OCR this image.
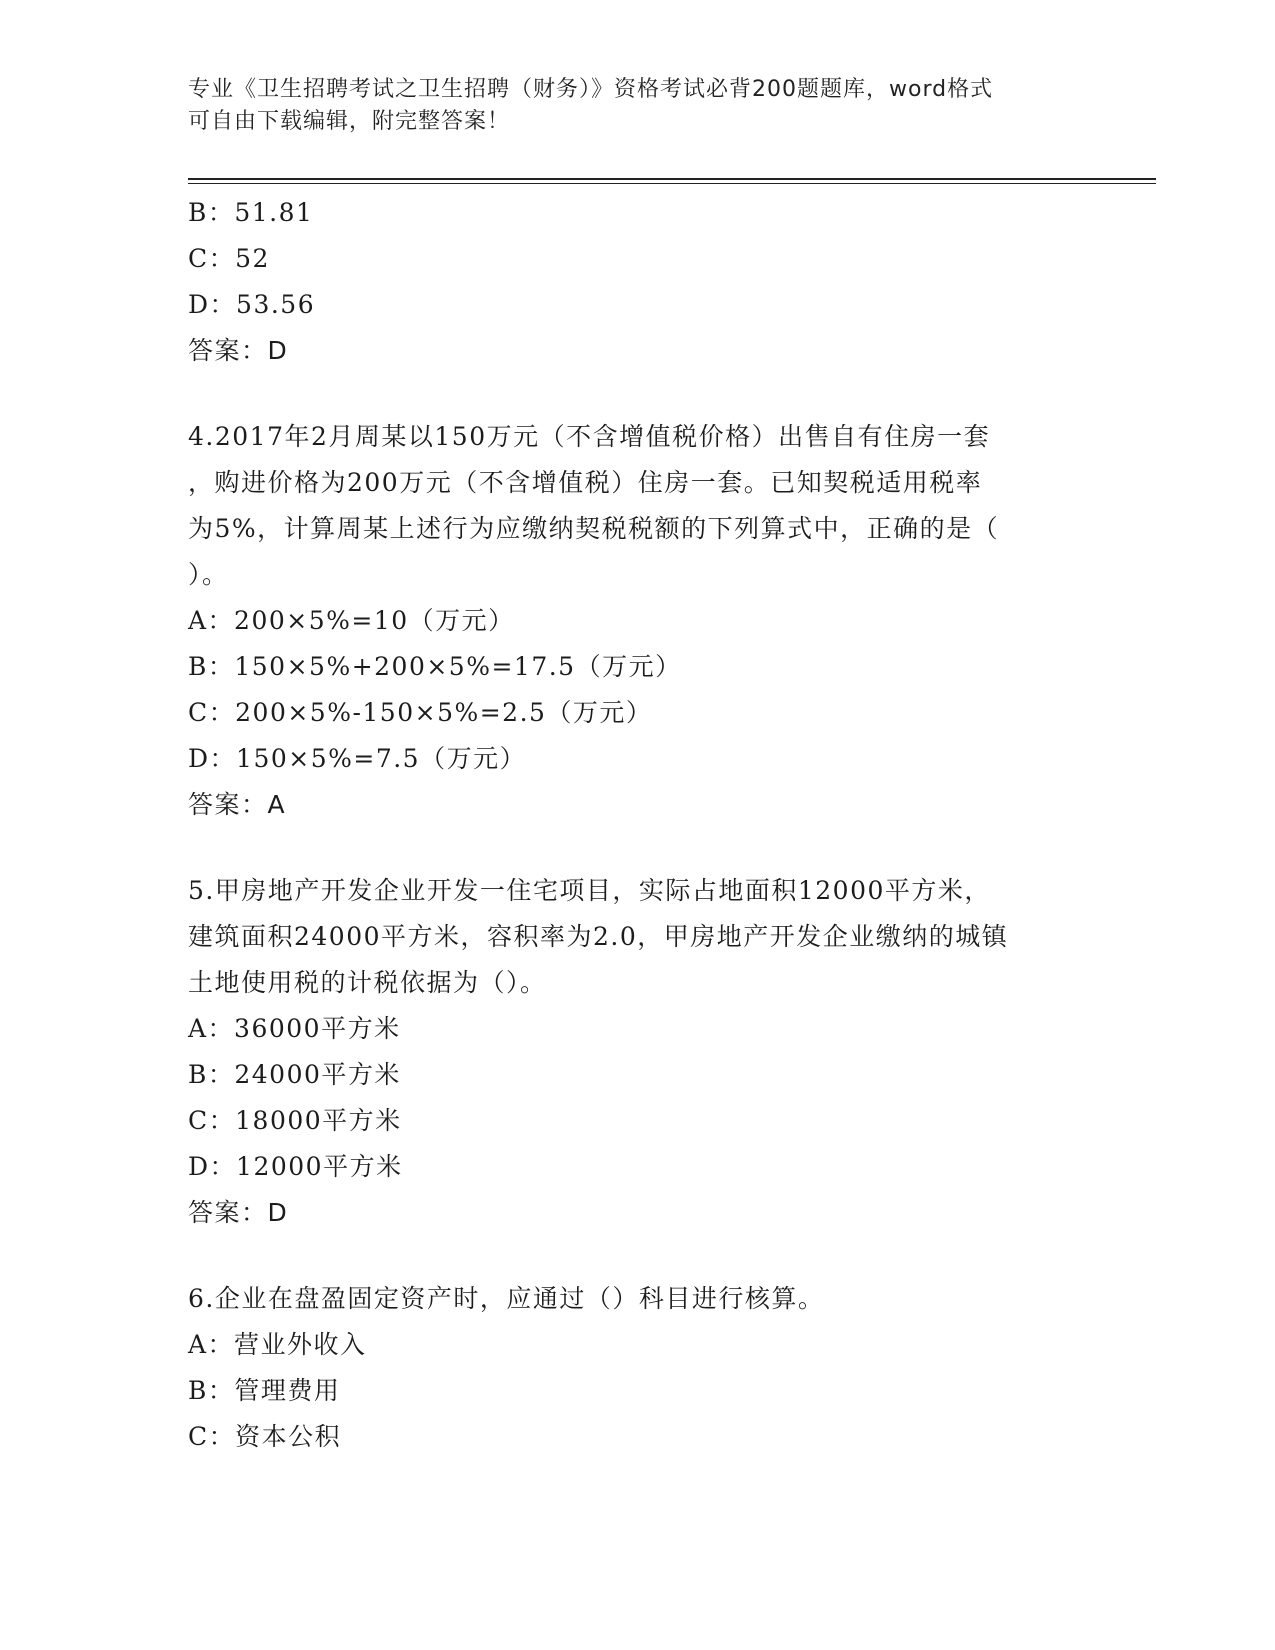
专业《卫生招聘考试之卫生招聘（财务）》资格考试必背200题题库，word格式
可自由下载编辑，附完整答案！
B：51.81
C：52
D：53.56
答案：D
4.2017年2月周某以150万元（不含增值税价格）出售自有住房一套
，购进价格为200万元（不含增值税）住房一套。已知契税适用税率
为5%，计算周某上述行为应缴纳契税税额的下列算式中，正确的是（
）。
A：200×5%=10（万元）
B：150×5%+200×5%=17.5（万元）
C：200×5%-150×5%=2.5（万元）
D：150×5%=7.5（万元）
答案：A
5.甲房地产开发企业开发一住宅项目，实际占地面积12000平方米，
建筑面积24000平方米，容积率为2.0，甲房地产开发企业缴纳的城镇
土地使用税的计税依据为（）。
A：36000平方米
B：24000平方米
C：18000平方米
D：12000平方米
答案：D
6.企业在盘盈固定资产时，应通过（）科目进行核算。
A：营业外收入
B：管理费用
C：资本公积
